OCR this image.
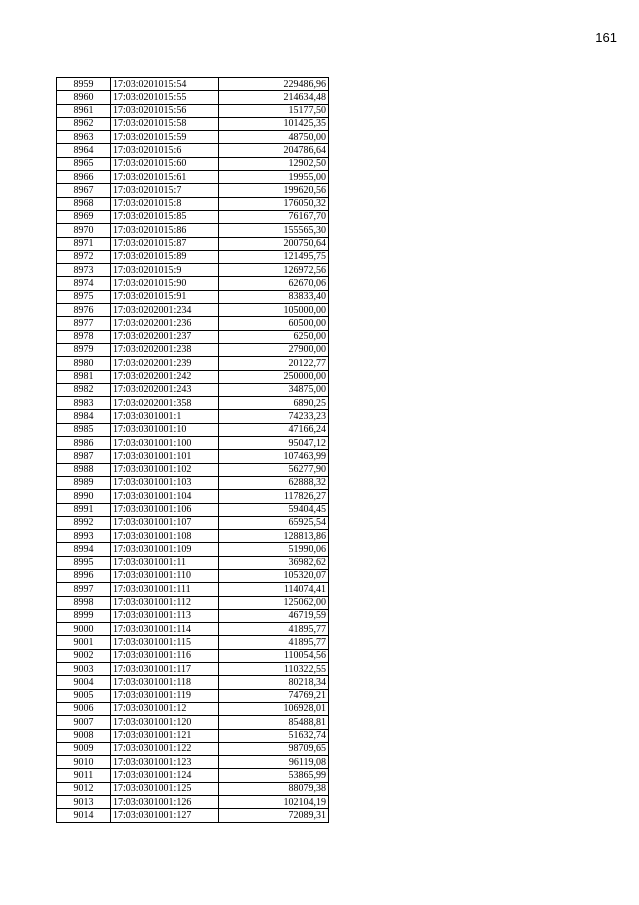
161
8959	17:03:0201015:54	229486,96
8960	17:03:0201015:55	214634,48
8961	17:03:0201015:56	15177,50
8962	17:03:0201015:58	101425,35
8963	17:03:0201015:59	48750,00
8964	17:03:0201015:6	204786,64
8965	17:03:0201015:60	12902,50
8966	17:03:0201015:61	19955,00
8967	17:03:0201015:7	199620,56
8968	17:03:0201015:8	176050,32
8969	17:03:0201015:85	76167,70
8970	17:03:0201015:86	155565,30
8971	17:03:0201015:87	200750,64
8972	17:03:0201015:89	121495,75
8973	17:03:0201015:9	126972,56
8974	17:03:0201015:90	62670,06
8975	17:03:0201015:91	83833,40
8976	17:03:0202001:234	105000,00
8977	17:03:0202001:236	60500,00
8978	17:03:0202001:237	6250,00
8979	17:03:0202001:238	27900,00
8980	17:03:0202001:239	20122,77
8981	17:03:0202001:242	250000,00
8982	17:03:0202001:243	34875,00
8983	17:03:0202001:358	6890,25
8984	17:03:0301001:1	74233,23
8985	17:03:0301001:10	47166,24
8986	17:03:0301001:100	95047,12
8987	17:03:0301001:101	107463,99
8988	17:03:0301001:102	56277,90
8989	17:03:0301001:103	62888,32
8990	17:03:0301001:104	117826,27
8991	17:03:0301001:106	59404,45
8992	17:03:0301001:107	65925,54
8993	17:03:0301001:108	128813,86
8994	17:03:0301001:109	51990,06
8995	17:03:0301001:11	36982,62
8996	17:03:0301001:110	105320,07
8997	17:03:0301001:111	114074,41
8998	17:03:0301001:112	125062,00
8999	17:03:0301001:113	46719,59
9000	17:03:0301001:114	41895,77
9001	17:03:0301001:115	41895,77
9002	17:03:0301001:116	110054,56
9003	17:03:0301001:117	110322,55
9004	17:03:0301001:118	80218,34
9005	17:03:0301001:119	74769,21
9006	17:03:0301001:12	106928,01
9007	17:03:0301001:120	85488,81
9008	17:03:0301001:121	51632,74
9009	17:03:0301001:122	98709,65
9010	17:03:0301001:123	96119,08
9011	17:03:0301001:124	53865,99
9012	17:03:0301001:125	88079,38
9013	17:03:0301001:126	102104,19
9014	17:03:0301001:127	72089,31
